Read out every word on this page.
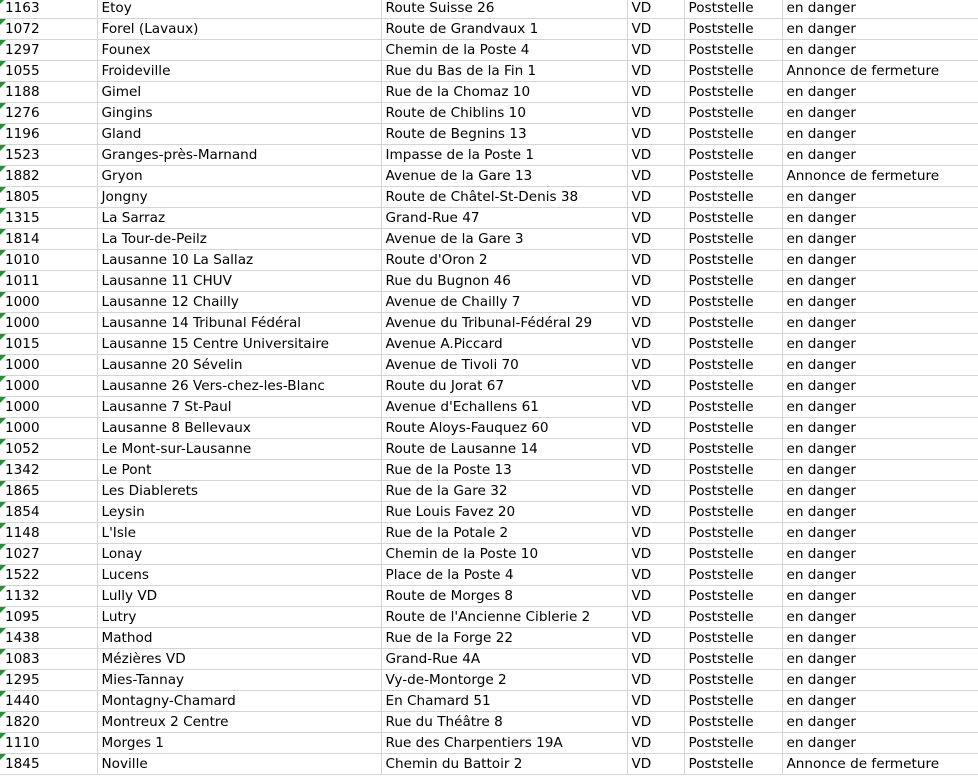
1163	Etoy	Route Suisse 26	VD	Poststelle	en danger

1072	Forel (Lavaux)	Route de Grandvaux 1	VD	Poststelle	en danger

1297	Founex	Chemin de la Poste 4	VD	Poststelle	en danger

1055	Froideville	Rue du Bas de la Fin 1	VD	Poststelle	Annonce de fermeture

1188	Gimel	Rue de la Chomaz 10	VD	Poststelle	en danger

1276	Gingins	Route de Chiblins 10	VD	Poststelle	en danger

1196	Gland	Route de Begnins 13	VD	Poststelle	en danger

1523	Granges-près-Marnand	Impasse de la Poste 1	VD	Poststelle	en danger

1882	Gryon	Avenue de la Gare 13	VD	Poststelle	Annonce de fermeture

1805	Jongny	Route de Châtel-St-Denis 38	VD	Poststelle	en danger

1315	La Sarraz	Grand-Rue 47	VD	Poststelle	en danger

1814	La Tour-de-Peilz	Avenue de la Gare 3	VD	Poststelle	en danger

1010	Lausanne 10 La Sallaz	Route d'Oron 2	VD	Poststelle	en danger

1011	Lausanne 11 CHUV	Rue du Bugnon 46	VD	Poststelle	en danger

1000	Lausanne 12 Chailly	Avenue de Chailly 7	VD	Poststelle	en danger

1000	Lausanne 14 Tribunal Fédéral	Avenue du Tribunal-Fédéral 29	VD	Poststelle	en danger

1015	Lausanne 15 Centre Universitaire	Avenue A.Piccard	VD	Poststelle	en danger

1000	Lausanne 20 Sévelin	Avenue de Tivoli 70	VD	Poststelle	en danger

1000	Lausanne 26 Vers-chez-les-Blanc	Route du Jorat 67	VD	Poststelle	en danger

1000	Lausanne 7 St-Paul	Avenue d'Echallens 61	VD	Poststelle	en danger

1000	Lausanne 8 Bellevaux	Route Aloys-Fauquez 60	VD	Poststelle	en danger

1052	Le Mont-sur-Lausanne	Route de Lausanne 14	VD	Poststelle	en danger

1342	Le Pont	Rue de la Poste 13	VD	Poststelle	en danger

1865	Les Diablerets	Rue de la Gare 32	VD	Poststelle	en danger

1854	Leysin	Rue Louis Favez 20	VD	Poststelle	en danger

1148	L'Isle	Rue de la Potale 2	VD	Poststelle	en danger

1027	Lonay	Chemin de la Poste 10	VD	Poststelle	en danger

1522	Lucens	Place de la Poste 4	VD	Poststelle	en danger

1132	Lully VD	Route de Morges 8	VD	Poststelle	en danger

1095	Lutry	Route de l'Ancienne Ciblerie 2	VD	Poststelle	en danger

1438	Mathod	Rue de la Forge 22	VD	Poststelle	en danger

1083	Mézières VD	Grand-Rue 4A	VD	Poststelle	en danger

1295	Mies-Tannay	Vy-de-Montorge 2	VD	Poststelle	en danger

1440	Montagny-Chamard	En Chamard 51	VD	Poststelle	en danger

1820	Montreux 2 Centre	Rue du Théâtre 8	VD	Poststelle	en danger

1110	Morges 1	Rue des Charpentiers 19A	VD	Poststelle	en danger

1845	Noville	Chemin du Battoir 2	VD	Poststelle	Annonce de fermeture
